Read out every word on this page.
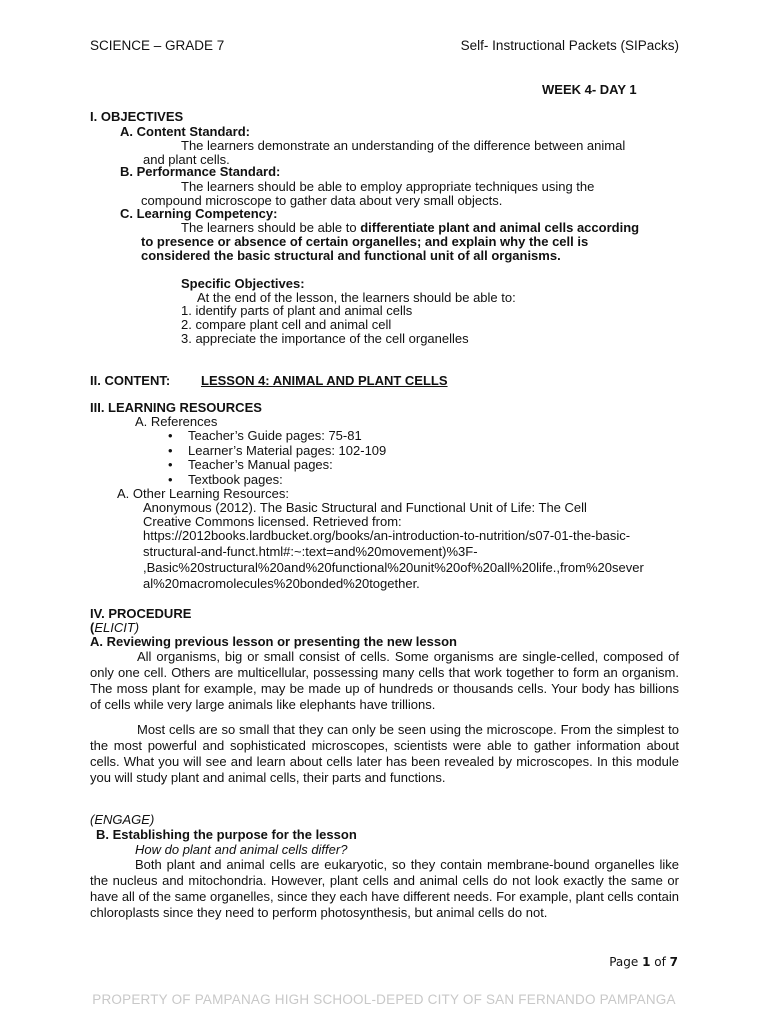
SCIENCE – GRADE 7	Self- Instructional Packets (SIPacks)
WEEK 4- DAY 1
I. OBJECTIVES
A. Content Standard:
The learners demonstrate an understanding of the difference between animal
and plant cells.
B. Performance Standard:
The learners should be able to employ appropriate techniques using the
compound microscope to gather data about very small objects.
C. Learning Competency:
The learners should be able to differentiate plant and animal cells according
to presence or absence of certain organelles; and explain why the cell is
considered the basic structural and functional unit of all organisms.
Specific Objectives:
At the end of the lesson, the learners should be able to:
1. identify parts of plant and animal cells
2. compare plant cell and animal cell
3. appreciate the importance of the cell organelles
II. CONTENT: LESSON 4: ANIMAL AND PLANT CELLS
III. LEARNING RESOURCES
A. References
• Teacher’s Guide pages: 75-81
• Learner’s Material pages: 102-109
• Teacher’s Manual pages:
• Textbook pages:
A. Other Learning Resources:
Anonymous (2012). The Basic Structural and Functional Unit of Life: The Cell
Creative Commons licensed. Retrieved from:
https://2012books.lardbucket.org/books/an-introduction-to-nutrition/s07-01-the-basic-
structural-and-funct.html#:~:text=and%20movement)%3F-
,Basic%20structural%20and%20functional%20unit%20of%20all%20life.,from%20sever
al%20macromolecules%20bonded%20together.
IV. PROCEDURE
(ELICIT)
A. Reviewing previous lesson or presenting the new lesson
All organisms, big or small consist of cells. Some organisms are single-celled, composed of only one cell. Others are multicellular, possessing many cells that work together to form an organism. The moss plant for example, may be made up of hundreds or thousands cells. Your body has billions of cells while very large animals like elephants have trillions.
Most cells are so small that they can only be seen using the microscope. From the simplest to the most powerful and sophisticated microscopes, scientists were able to gather information about cells. What you will see and learn about cells later has been revealed by microscopes. In this module you will study plant and animal cells, their parts and functions.
(ENGAGE)
B. Establishing the purpose for the lesson
How do plant and animal cells differ?
Both plant and animal cells are eukaryotic, so they contain membrane-bound organelles like the nucleus and mitochondria. However, plant cells and animal cells do not look exactly the same or have all of the same organelles, since they each have different needs. For example, plant cells contain chloroplasts since they need to perform photosynthesis, but animal cells do not.
Page 1 of 7
PROPERTY OF PAMPANAG HIGH SCHOOL-DEPED CITY OF SAN FERNANDO PAMPANGA
